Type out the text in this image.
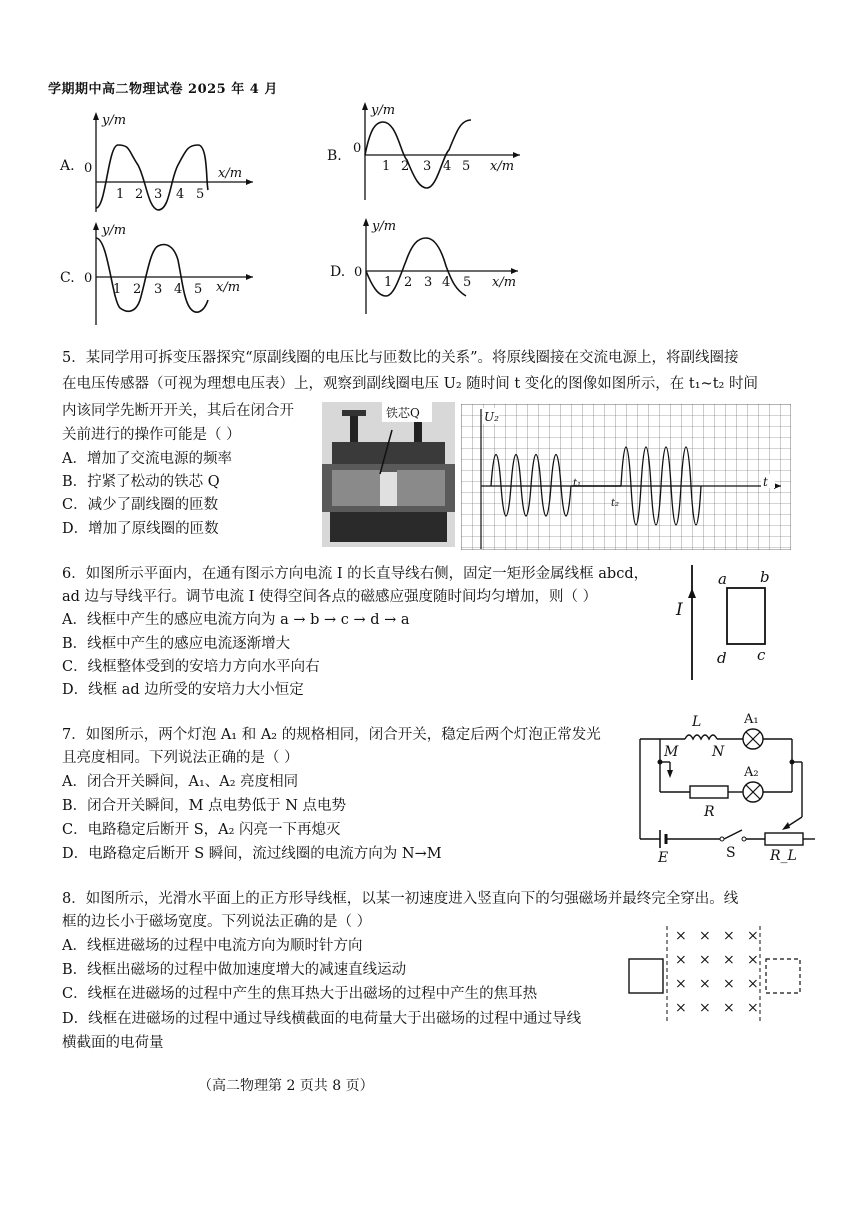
学期期中高二物理试卷 2025 年 4 月
A.
y/m
0	x/m
1 2 3 4 5
B.
y/m
0
x/m
1 2 3 4 5
C.
y/m
0
x/m
1 2 3 4 5
D.
y/m
0
x/m
1 2 3 4 5
5．某同学用可拆变压器探究“原副线圈的电压比与匝数比的关系”。将原线圈接在交流电源上，将副线圈接
在电压传感器（可视为理想电压表）上，观察到副线圈电压 U₂ 随时间 t 变化的图像如图所示，在 t₁~t₂ 时间
内该同学先断开开关，其后在闭合开
关前进行的操作可能是（ ）
A．增加了交流电源的频率
B．拧紧了松动的铁芯 Q
C．减少了副线圈的匝数
D．增加了原线圈的匝数
铁芯Q	U₂
t
t₁
t₂
6．如图所示平面内，在通有图示方向电流 I 的长直导线右侧，固定一矩形金属线框 abcd，
ad 边与导线平行。调节电流 I 使得空间各点的磁感应强度随时间均匀增加，则（ ）
A．线框中产生的感应电流方向为 a → b → c → d → a
B．线框中产生的感应电流逐渐增大
C．线框整体受到的安培力方向水平向右
D．线框 ad 边所受的安培力大小恒定
I
a b
c
d
7．如图所示，两个灯泡 A₁ 和 A₂ 的规格相同，闭合开关，稳定后两个灯泡正常发光
且亮度相同。下列说法正确的是（ ）
A．闭合开关瞬间，A₁、A₂ 亮度相同
B．闭合开关瞬间，M 点电势低于 N 点电势
C．电路稳定后断开 S，A₂ 闪亮一下再熄灭
D．电路稳定后断开 S 瞬间，流过线圈的电流方向为 N→M
L
M N
A₁
R
A₂
E	S R_L
8．如图所示，光滑水平面上的正方形导线框，以某一初速度进入竖直向下的匀强磁场并最终完全穿出。线
框的边长小于磁场宽度。下列说法正确的是（ ）
A．线框进磁场的过程中电流方向为顺时针方向
B．线框出磁场的过程中做加速度增大的减速直线运动
C．线框在进磁场的过程中产生的焦耳热大于出磁场的过程中产生的焦耳热
D．线框在进磁场的过程中通过导线横截面的电荷量大于出磁场的过程中通过导线
横截面的电荷量
× × × ×
× × × ×
× × × ×
× × × ×
（高二物理第 2 页共 8 页）
